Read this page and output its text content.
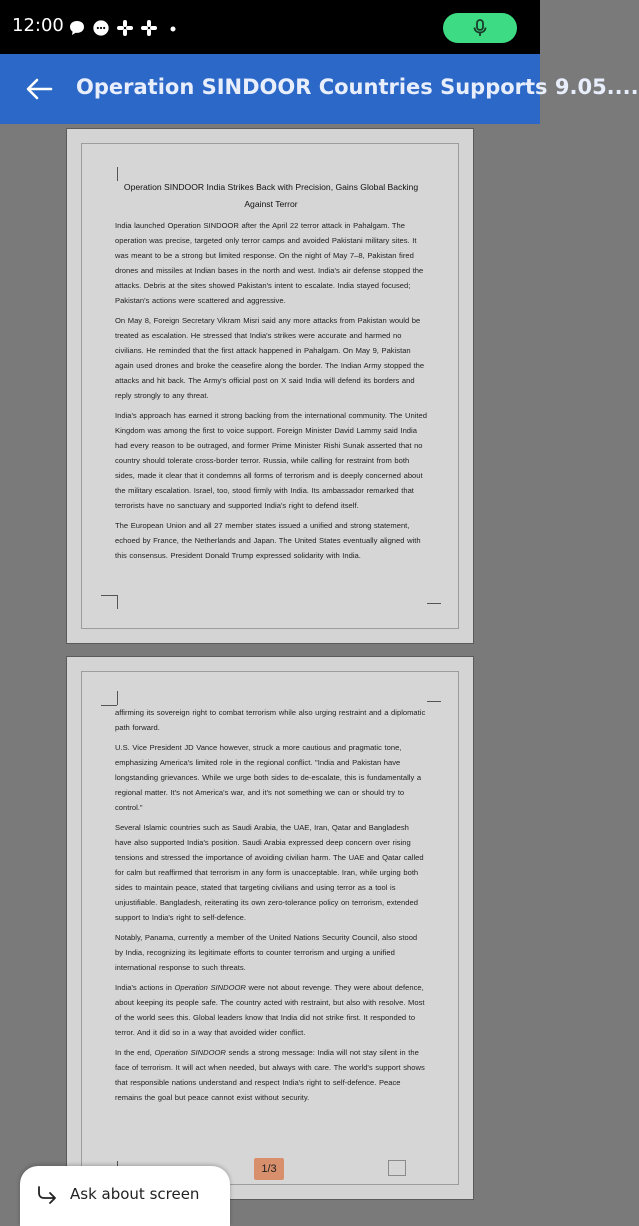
12:00
Operation SINDOOR Countries Supports 9.05....
Operation SINDOOR India Strikes Back with Precision, Gains Global Backing Against Terror

India launched Operation SINDOOR after the April 22 terror attack in Pahalgam. The operation was precise, targeted only terror camps and avoided Pakistani military sites. It was meant to be a strong but limited response. On the night of May 7–8, Pakistan fired drones and missiles at Indian bases in the north and west. India's air defense stopped the attacks. Debris at the sites showed Pakistan's intent to escalate. India stayed focused; Pakistan's actions were scattered and aggressive.

On May 8, Foreign Secretary Vikram Misri said any more attacks from Pakistan would be treated as escalation. He stressed that India's strikes were accurate and harmed no civilians. He reminded that the first attack happened in Pahalgam. On May 9, Pakistan again used drones and broke the ceasefire along the border. The Indian Army stopped the attacks and hit back. The Army's official post on X said India will defend its borders and reply strongly to any threat.

India's approach has earned it strong backing from the international community. The United Kingdom was among the first to voice support. Foreign Minister David Lammy said India had every reason to be outraged, and former Prime Minister Rishi Sunak asserted that no country should tolerate cross-border terror. Russia, while calling for restraint from both sides, made it clear that it condemns all forms of terrorism and is deeply concerned about the military escalation. Israel, too, stood firmly with India. Its ambassador remarked that terrorists have no sanctuary and supported India's right to defend itself.

The European Union and all 27 member states issued a unified and strong statement, echoed by France, the Netherlands and Japan. The United States eventually aligned with this consensus. President Donald Trump expressed solidarity with India.

affirming its sovereign right to combat terrorism while also urging restraint and a diplomatic path forward.

U.S. Vice President JD Vance however, struck a more cautious and pragmatic tone, emphasizing America's limited role in the regional conflict. "India and Pakistan have longstanding grievances. While we urge both sides to de-escalate, this is fundamentally a regional matter. It's not America's war, and it's not something we can or should try to control."

Several Islamic countries such as Saudi Arabia, the UAE, Iran, Qatar and Bangladesh have also supported India's position. Saudi Arabia expressed deep concern over rising tensions and stressed the importance of avoiding civilian harm. The UAE and Qatar called for calm but reaffirmed that terrorism in any form is unacceptable. Iran, while urging both sides to maintain peace, stated that targeting civilians and using terror as a tool is unjustifiable. Bangladesh, reiterating its own zero-tolerance policy on terrorism, extended support to India's right to self-defence.

Notably, Panama, currently a member of the United Nations Security Council, also stood by India, recognizing its legitimate efforts to counter terrorism and urging a unified international response to such threats.

India's actions in Operation SINDOOR were not about revenge. They were about defence, about keeping its people safe. The country acted with restraint, but also with resolve. Most of the world sees this. Global leaders know that India did not strike first. It responded to terror. And it did so in a way that avoided wider conflict.

In the end, Operation SINDOOR sends a strong message: India will not stay silent in the face of terrorism. It will act when needed, but always with care. The world's support shows that responsible nations understand and respect India's right to self-defence. Peace remains the goal but peace cannot exist without security.

1/3
Ask about screen
